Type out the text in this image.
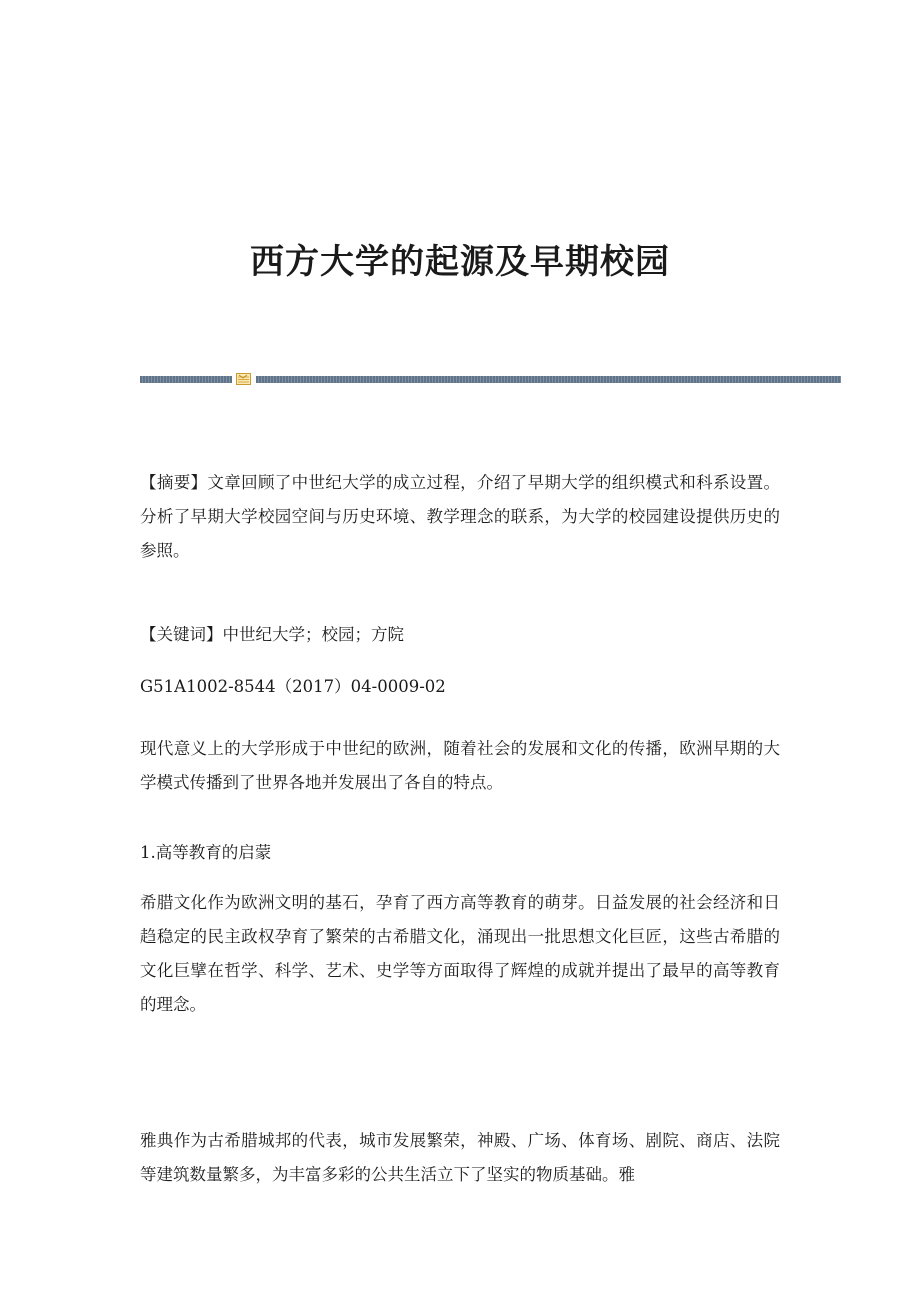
西方大学的起源及早期校园

【摘要】文章回顾了中世纪大学的成立过程，介绍了早期大学的组织模式和科系设置。分析了早期大学校园空间与历史环境、教学理念的联系，为大学的校园建设提供历史的参照。

【关键词】中世纪大学；校园；方院

G51A1002-8544（2017）04-0009-02

现代意义上的大学形成于中世纪的欧洲，随着社会的发展和文化的传播，欧洲早期的大学模式传播到了世界各地并发展出了各自的特点。

1.高等教育的启蒙

希腊文化作为欧洲文明的基石，孕育了西方高等教育的萌芽。日益发展的社会经济和日趋稳定的民主政权孕育了繁荣的古希腊文化，涌现出一批思想文化巨匠，这些古希腊的文化巨擘在哲学、科学、艺术、史学等方面取得了辉煌的成就并提出了最早的高等教育的理念。

雅典作为古希腊城邦的代表，城市发展繁荣，神殿、广场、体育场、剧院、商店、法院等建筑数量繁多，为丰富多彩的公共生活立下了坚实的物质基础。雅
